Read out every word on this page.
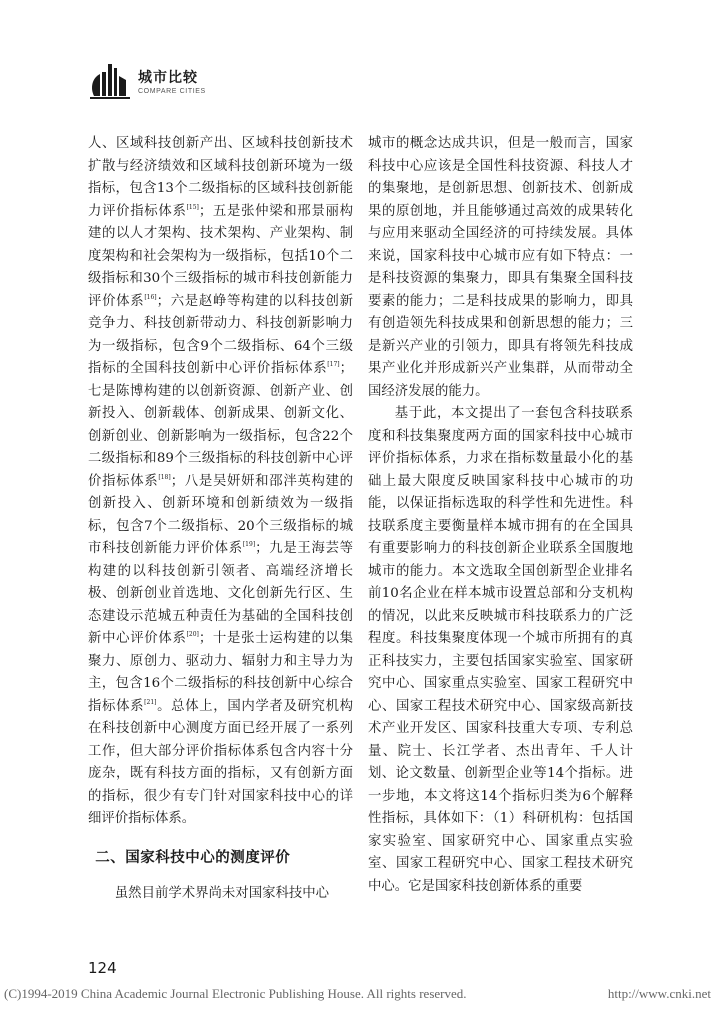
城市比较
COMPARE CITIES

人、区域科技创新产出、区域科技创新技术扩散与经济绩效和区域科技创新环境为一级指标，包含13个二级指标的区域科技创新能力评价指标体系[15]；五是张仲梁和邢景丽构建的以人才架构、技术架构、产业架构、制度架构和社会架构为一级指标，包括10个二级指标和30个三级指标的城市科技创新能力评价体系[16]；六是赵峥等构建的以科技创新竞争力、科技创新带动力、科技创新影响力为一级指标，包含9个二级指标、64个三级指标的全国科技创新中心评价指标体系[17]；七是陈博构建的以创新资源、创新产业、创新投入、创新载体、创新成果、创新文化、创新创业、创新影响为一级指标，包含22个二级指标和89个三级指标的科技创新中心评价指标体系[18]；八是吴妍妍和邵泮英构建的创新投入、创新环境和创新绩效为一级指标，包含7个二级指标、20个三级指标的城市科技创新能力评价体系[19]；九是王海芸等构建的以科技创新引领者、高端经济增长极、创新创业首选地、文化创新先行区、生态建设示范城五种责任为基础的全国科技创新中心评价体系[20]；十是张士运构建的以集聚力、原创力、驱动力、辐射力和主导力为主，包含16个二级指标的科技创新中心综合指标体系[21]。总体上，国内学者及研究机构在科技创新中心测度方面已经开展了一系列工作，但大部分评价指标体系包含内容十分庞杂，既有科技方面的指标，又有创新方面的指标，很少有专门针对国家科技中心的详细评价指标体系。

二、国家科技中心的测度评价

虽然目前学术界尚未对国家科技中心

城市的概念达成共识，但是一般而言，国家科技中心应该是全国性科技资源、科技人才的集聚地，是创新思想、创新技术、创新成果的原创地，并且能够通过高效的成果转化与应用来驱动全国经济的可持续发展。具体来说，国家科技中心城市应有如下特点：一是科技资源的集聚力，即具有集聚全国科技要素的能力；二是科技成果的影响力，即具有创造领先科技成果和创新思想的能力；三是新兴产业的引领力，即具有将领先科技成果产业化并形成新兴产业集群，从而带动全国经济发展的能力。

基于此，本文提出了一套包含科技联系度和科技集聚度两方面的国家科技中心城市评价指标体系，力求在指标数量最小化的基础上最大限度反映国家科技中心城市的功能，以保证指标选取的科学性和先进性。科技联系度主要衡量样本城市拥有的在全国具有重要影响力的科技创新企业联系全国腹地城市的能力。本文选取全国创新型企业排名前10名企业在样本城市设置总部和分支机构的情况，以此来反映城市科技联系力的广泛程度。科技集聚度体现一个城市所拥有的真正科技实力，主要包括国家实验室、国家研究中心、国家重点实验室、国家工程研究中心、国家工程技术研究中心、国家级高新技术产业开发区、国家科技重大专项、专利总量、院士、长江学者、杰出青年、千人计划、论文数量、创新型企业等14个指标。进一步地，本文将这14个指标归类为6个解释性指标，具体如下：（1）科研机构：包括国家实验室、国家研究中心、国家重点实验室、国家工程研究中心、国家工程技术研究中心。它是国家科技创新体系的重要

124
(C)1994-2019 China Academic Journal Electronic Publishing House. All rights reserved.	http://www.cnki.net
